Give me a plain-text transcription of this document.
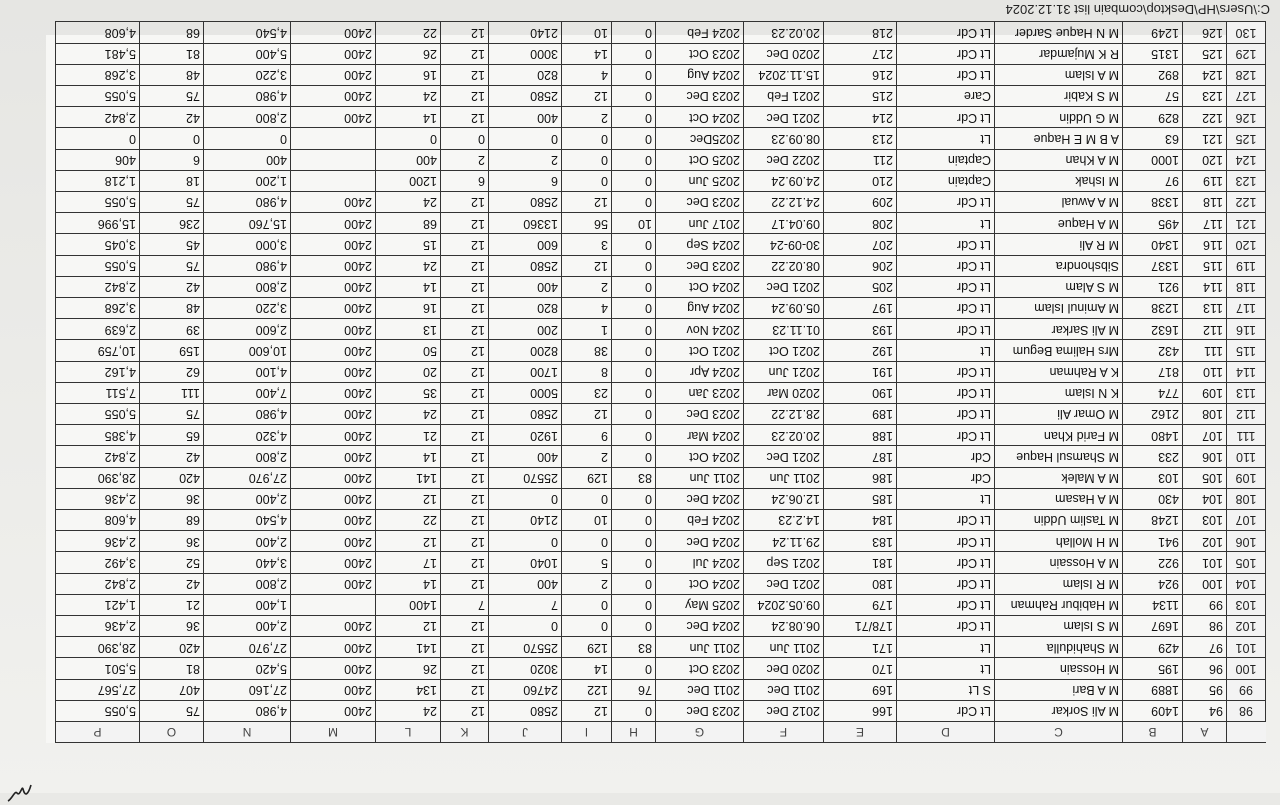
A
B
C
D
E
F
G
H
I
J
K
L
M
N
O
P
98
94
1409
M Ali Sorkar
Lt Cdr
166
2012 Dec
2023 Dec
0
12
2580
12
24
2400
4,980
75
5,055
99
95
1889
M A Bari
S Lt
169
2011 Dec
2011 Dec
76
122
24760
12
134
2400
27,160
407
27,567
100
96
195
M Hossain
Lt
170
2020 Dec
2023 Oct
0
14
3020
12
26
2400
5,420
81
5,501
101
97
429
M Shahidulla
Lt
171
2011 Jun
2011 Jun
83
129
25570
12
141
2400
27,970
420
28,390
102
98
1697
M S Islam
Lt Cdr
178/71
06.08.24
2024 Dec
0
0
0
12
12
2400
2,400
36
2,436
103
99
1134
M Habibur Rahman
Lt Cdr
179
09.05.2024
2025 May
0
0
7
7
1400
1,400
21
1,421
104
100
924
M R Islam
Lt Cdr
180
2021 Dec
2024 Oct
0
2
400
12
14
2400
2,800
42
2,842
105
101
922
M A Hossain
Lt Cdr
181
2021 Sep
2024 Jul
0
5
1040
12
17
2400
3,440
52
3,492
106
102
941
M H Mollah
Lt Cdr
183
29.11.24
2024 Dec
0
0
0
12
12
2400
2,400
36
2,436
107
103
1248
M Taslim Uddin
Lt Cdr
184
14.2.23
2024 Feb
0
10
2140
12
22
2400
4,540
68
4,608
108
104
430
M A Hasam
Lt
185
12.06.24
2024 Dec
0
0
0
12
12
2400
2,400
36
2,436
109
105
103
M A Malek
Cdr
186
2011 Jun
2011 Jun
83
129
25570
12
141
2400
27,970
420
28,390
110
106
233
M Shamsul Haque
Cdr
187
2021 Dec
2024 Oct
0
2
400
12
14
2400
2,800
42
2,842
111
107
1480
M Farid Khan
Lt Cdr
188
20.02.23
2024 Mar
0
9
1920
12
21
2400
4,320
65
4,385
112
108
2162
M Omar Ali
Lt Cdr
189
28.12.22
2023 Dec
0
12
2580
12
24
2400
4,980
75
5,055
113
109
774
K N Islam
Lt Cdr
190
2020 Mar
2023 Jan
0
23
5000
12
35
2400
7,400
111
7,511
114
110
817
K A Rahman
Lt Cdr
191
2021 Jun
2024 Apr
0
8
1700
12
20
2400
4,100
62
4,162
115
111
432
Mrs Halima Begum
Lt
192
2021 Oct
2021 Oct
0
38
8200
12
50
2400
10,600
159
10,759
116
112
1632
M Ali Sarkar
Lt Cdr
193
01.11.23
2024 Nov
0
1
200
12
13
2400
2,600
39
2,639
117
113
1238
M Aminul Islam
Lt Cdr
197
05.09.24
2024 Aug
0
4
820
12
16
2400
3,220
48
3,268
118
114
921
M S Alam
Lt Cdr
205
2021 Dec
2024 Oct
0
2
400
12
14
2400
2,800
42
2,842
119
115
1337
Sibshondra
Lt Cdr
206
08.02.22
2023 Dec
0
12
2580
12
24
2400
4,980
75
5,055
120
116
1340
M R Ali
Lt Cdr
207
30-09-24
2024 Sep
0
3
600
12
15
2400
3,000
45
3,045
121
117
495
M A Haque
Lt
208
09.04.17
2017 Jun
10
56
13360
12
68
2400
15,760
236
15,996
122
118
1338
M A Awual
Lt Cdr
209
24.12.22
2023 Dec
0
12
2580
12
24
2400
4,980
75
5,055
123
119
97
M Ishak
Captain
210
24.09.24
2025 Jun
0
0
6
6
1200
1,200
18
1,218
124
120
1000
M A Khan
Captain
211
2022 Dec
2025 Oct
0
0
2
2
400
400
6
406
125
121
63
A B M E Haque
Lt
213
08.09.23
2025Dec
0
0
0
0
0
0
0
0
126
122
829
M G Uddin
Lt Cdr
214
2021 Dec
2024 Oct
0
2
400
12
14
2400
2,800
42
2,842
127
123
57
M S Kabir
Care
215
2021 Feb
2023 Dec
0
12
2580
12
24
2400
4,980
75
5,055
128
124
892
M A Islam
Lt Cdr
216
15.11.2024
2024 Aug
0
4
820
12
16
2400
3,220
48
3,268
129
125
1315
R K Mujamdar
Lt Cdr
217
2020 Dec
2023 Oct
0
14
3000
12
26
2400
5,400
81
5,481
130
126
1249
M N Haque Sarder
Lt Cdr
218
20.02.23
2024 Feb
0
10
2140
12
22
2400
4,540
68
4,608
C:\Users\HP\Desktop\combain list 31.12.2024
